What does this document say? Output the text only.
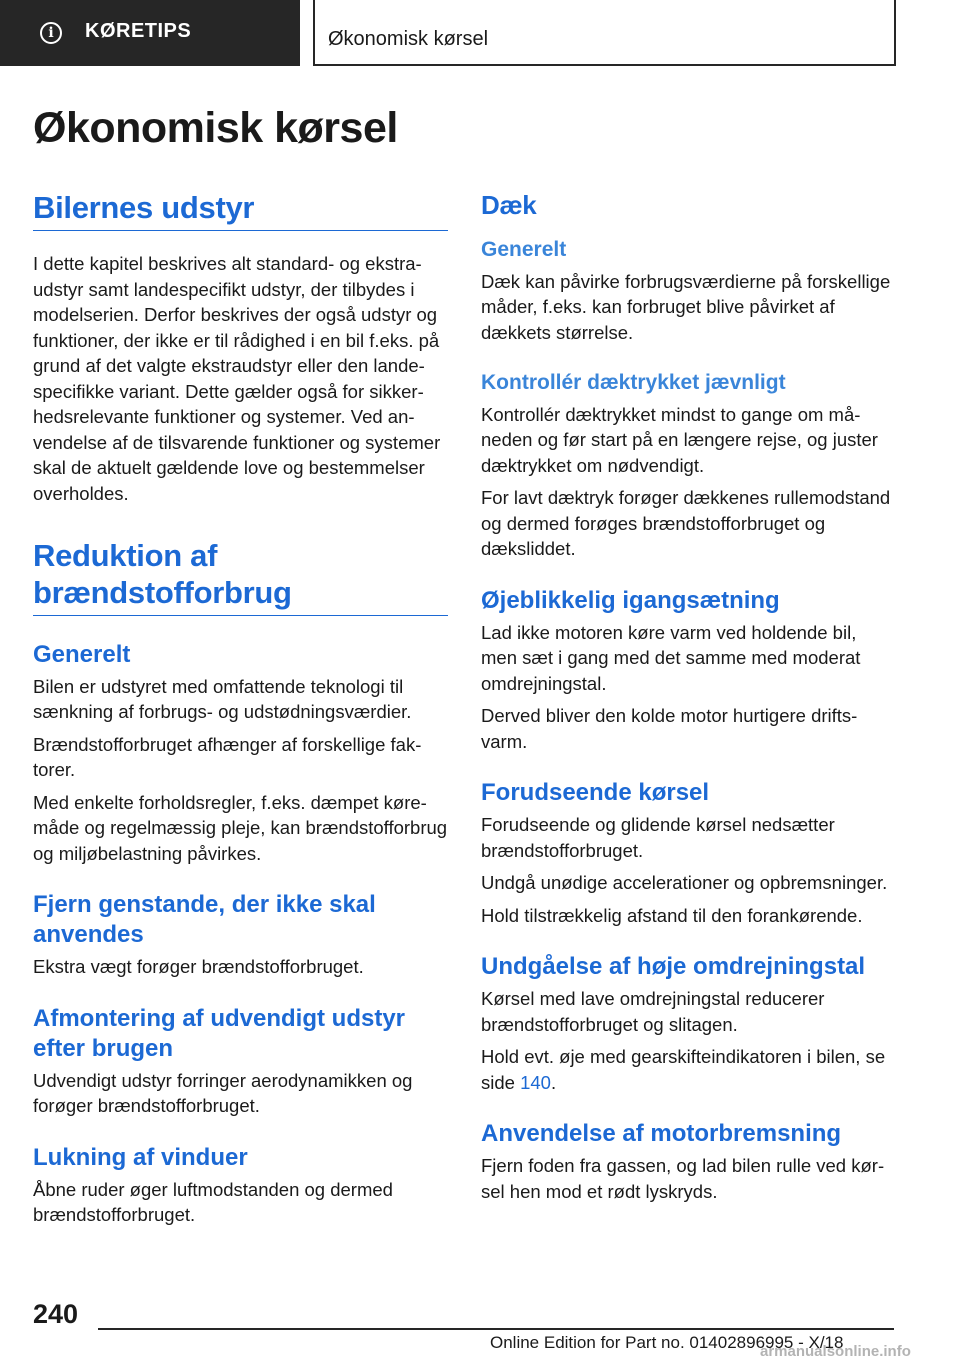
i	KØRETIPS	Økonomisk kørsel
Økonomisk kørsel
Bilernes udstyr

I dette kapitel beskrives alt standard- og ekstraudstyr samt landespecifikt udstyr, der tilbydes i modelserien. Derfor beskrives der også udstyr og funktioner, der ikke er til rådighed i en bil f.eks. på grund af det valgte ekstraudstyr eller den landespecifikke variant. Dette gælder også for sikkerhedsrelevante funktioner og systemer. Ved anvendelse af de tilsvarende funktioner og systemer skal de aktuelt gældende love og bestemmelser overholdes.

Reduktion af brændstofforbrug
Generelt

Bilen er udstyret med omfattende teknologi til sænkning af forbrugs- og udstødningsværdier.

Brændstofforbruget afhænger af forskellige faktorer.

Med enkelte forholdsregler, f.eks. dæmpet køremåde og regelmæssig pleje, kan brændstofforbrug og miljøbelastning påvirkes.

Fjern genstande, der ikke skal anvendes

Ekstra vægt forøger brændstofforbruget.

Afmontering af udvendigt udstyr efter brugen

Udvendigt udstyr forringer aerodynamikken og forøger brændstofforbruget.

Lukning af vinduer

Åbne ruder øger luftmodstanden og dermed brændstofforbruget.

Dæk
Generelt

Dæk kan påvirke forbrugsværdierne på forskellige måder, f.eks. kan forbruget blive påvirket af dækkets størrelse.

Kontrollér dæktrykket jævnligt

Kontrollér dæktrykket mindst to gange om måneden og før start på en længere rejse, og juster dæktrykket om nødvendigt.

For lavt dæktryk forøger dækkenes rullemodstand og dermed forøges brændstofforbruget og dæksliddet.

Øjeblikkelig igangsætning

Lad ikke motoren køre varm ved holdende bil, men sæt i gang med det samme med moderat omdrejningstal.

Derved bliver den kolde motor hurtigere driftsvarm.

Forudseende kørsel

Forudseende og glidende kørsel nedsætter brændstofforbruget.

Undgå unødige accelerationer og opbremsninger.

Hold tilstrækkelig afstand til den forankørende.

Undgåelse af høje omdrejningstal

Kørsel med lave omdrejningstal reducerer brændstofforbruget og slitagen.

Hold evt. øje med gearskifteindikatoren i bilen, se side 140.

Anvendelse af motorbremsning

Fjern foden fra gassen, og lad bilen rulle ved kørsel hen mod et rødt lyskryds.

240
Online Edition for Part no. 01402896995 - X/18
armanualsonline.info
